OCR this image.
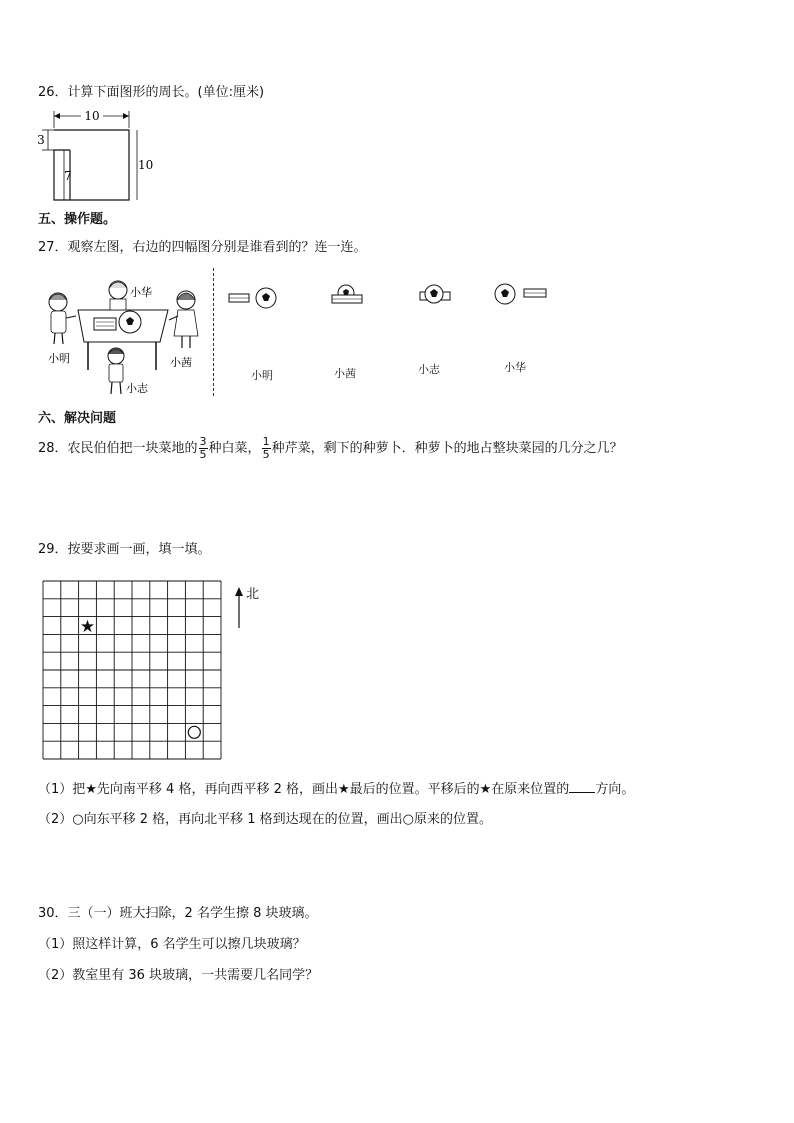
26．计算下面图形的周长。(单位:厘米)
10
3
7
10
五、操作题。
27．观察左图，右边的四幅图分别是谁看到的？连一连。
小华
小明	小茜
小志
小明	小茜	小志	小华
六、解决问题
28．农民伯伯把一块菜地的 $\frac{3}{5}$ 种白菜， $\frac{1}{5}$ 种芹菜，剩下的种萝卜．种萝卜的地占整块菜园的几分之几？
29．按要求画一画，填一填。
★
北
（1）把★先向南平移 4 格，再向西平移 2 格，画出★最后的位置。平移后的★在原来位置的 方向。
（2）○向东平移 2 格，再向北平移 1 格到达现在的位置，画出○原来的位置。
30．三（一）班大扫除，2 名学生擦 8 块玻璃。
（1）照这样计算，6 名学生可以擦几块玻璃？
（2）教室里有 36 块玻璃，一共需要几名同学？
